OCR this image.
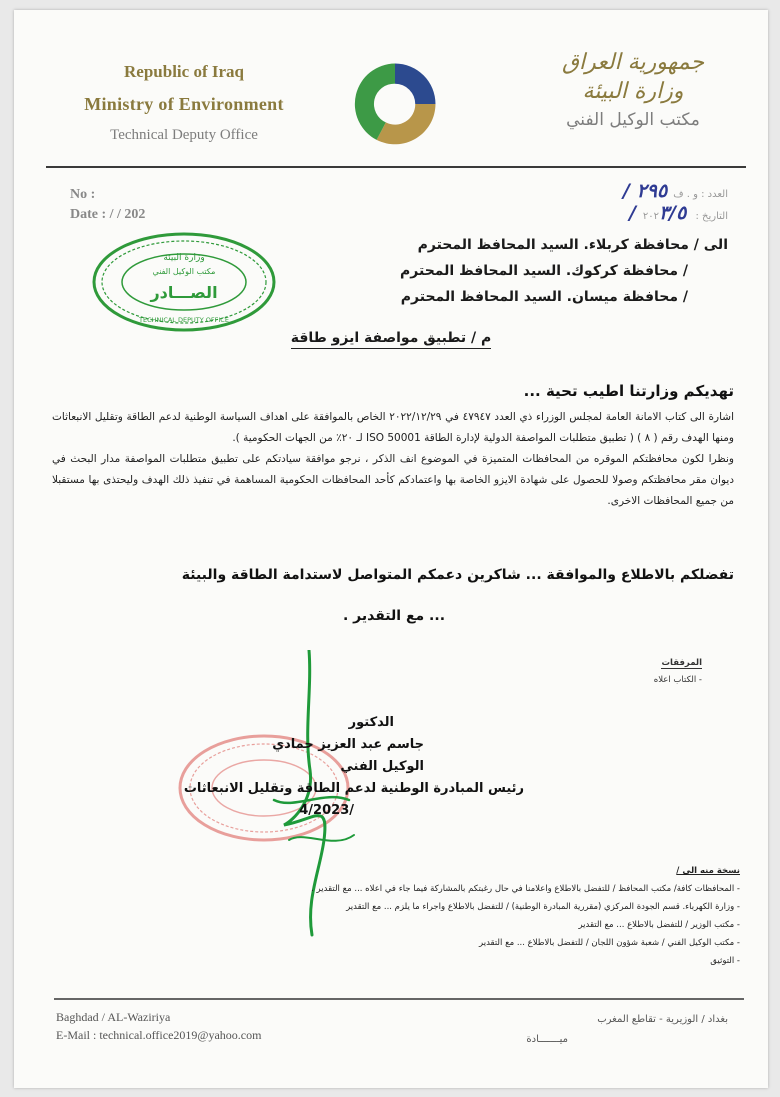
Republic of Iraq
Ministry of Environment
Technical Deputy Office
جمهورية العراق
وزارة البيئة
مكتب الوكيل الفني
No :
Date : / / 202
العدد : و . ف٢٩٥ /
التاريخ : ٢٠٢٣/٥ /
وزارة البيئة
مكتب الوكيل الفني
الصـــادر
TECHNICAL DEPUTY OFFICE
الى / محافظة كربلاء. السيد المحافظ المحترم
/ محافظة كركوك. السيد المحافظ المحترم
/ محافظة ميسان. السيد المحافظ المحترم
م / تطبيق مواصفة ايزو طاقة
تهديكم وزارتنا اطيب تحية ...

اشارة الى كتاب الامانة العامة لمجلس الوزراء ذي العدد ٤٧٩٤٧ في ٢٠٢٢/١٢/٢٩ الخاص بالموافقة على اهداف السياسة الوطنية لدعم الطاقة وتقليل الانبعاثات ومنها الهدف رقم ( ٨ ) ( تطبيق متطلبات المواصفة الدولية لإدارة الطاقة ISO 50001 لـ ٢٠٪ من الجهات الحكومية ).

ونظرا لكون محافظتكم الموقره من المحافظات المتميزة في الموضوع انف الذكر ، نرجو موافقة سيادتكم على تطبيق متطلبات المواصفة مدار البحث في ديوان مقر محافظتكم وصولا للحصول على شهادة الايزو الخاصة بها واعتمادكم كأحد المحافظات الحكومية المساهمة في تنفيذ ذلك الهدف وليحتذى بها مستقبلا من جميع المحافظات الاخرى.

تفضلكم بالاطلاع والموافقة ... شاكرين دعمكم المتواصل لاستدامة الطاقة والبيئة
... مع التقدير .
المرفقات
- الكتاب اعلاه
الدكتور
جاسم عبد العزيز حمادي
الوكيل الفني
رئيس المبادرة الوطنية لدعم الطاقة وتقليل الانبعاثات
/4/2023
نسخة منه الى /
- المحافظات كافة/ مكتب المحافظ / للتفضل بالاطلاع واعلامنا في حال رغبتكم بالمشاركة فيما جاء في اعلاه ... مع التقدير .
- وزارة الكهرباء. قسم الجودة المركزي (مقررية المبادرة الوطنية) / للتفضل بالاطلاع واجراء ما يلزم ... مع التقدير
- مكتب الوزير / للتفضل بالاطلاع ... مع التقدير
- مكتب الوكيل الفني / شعبة شؤون اللجان / للتفضل بالاطلاع ... مع التقدير
- التوثيق
Baghdad / AL-Waziriya
E-Mail : technical.office2019@yahoo.com
بغداد / الوزيرية - تقاطع المغرب
ميـــــــادة
